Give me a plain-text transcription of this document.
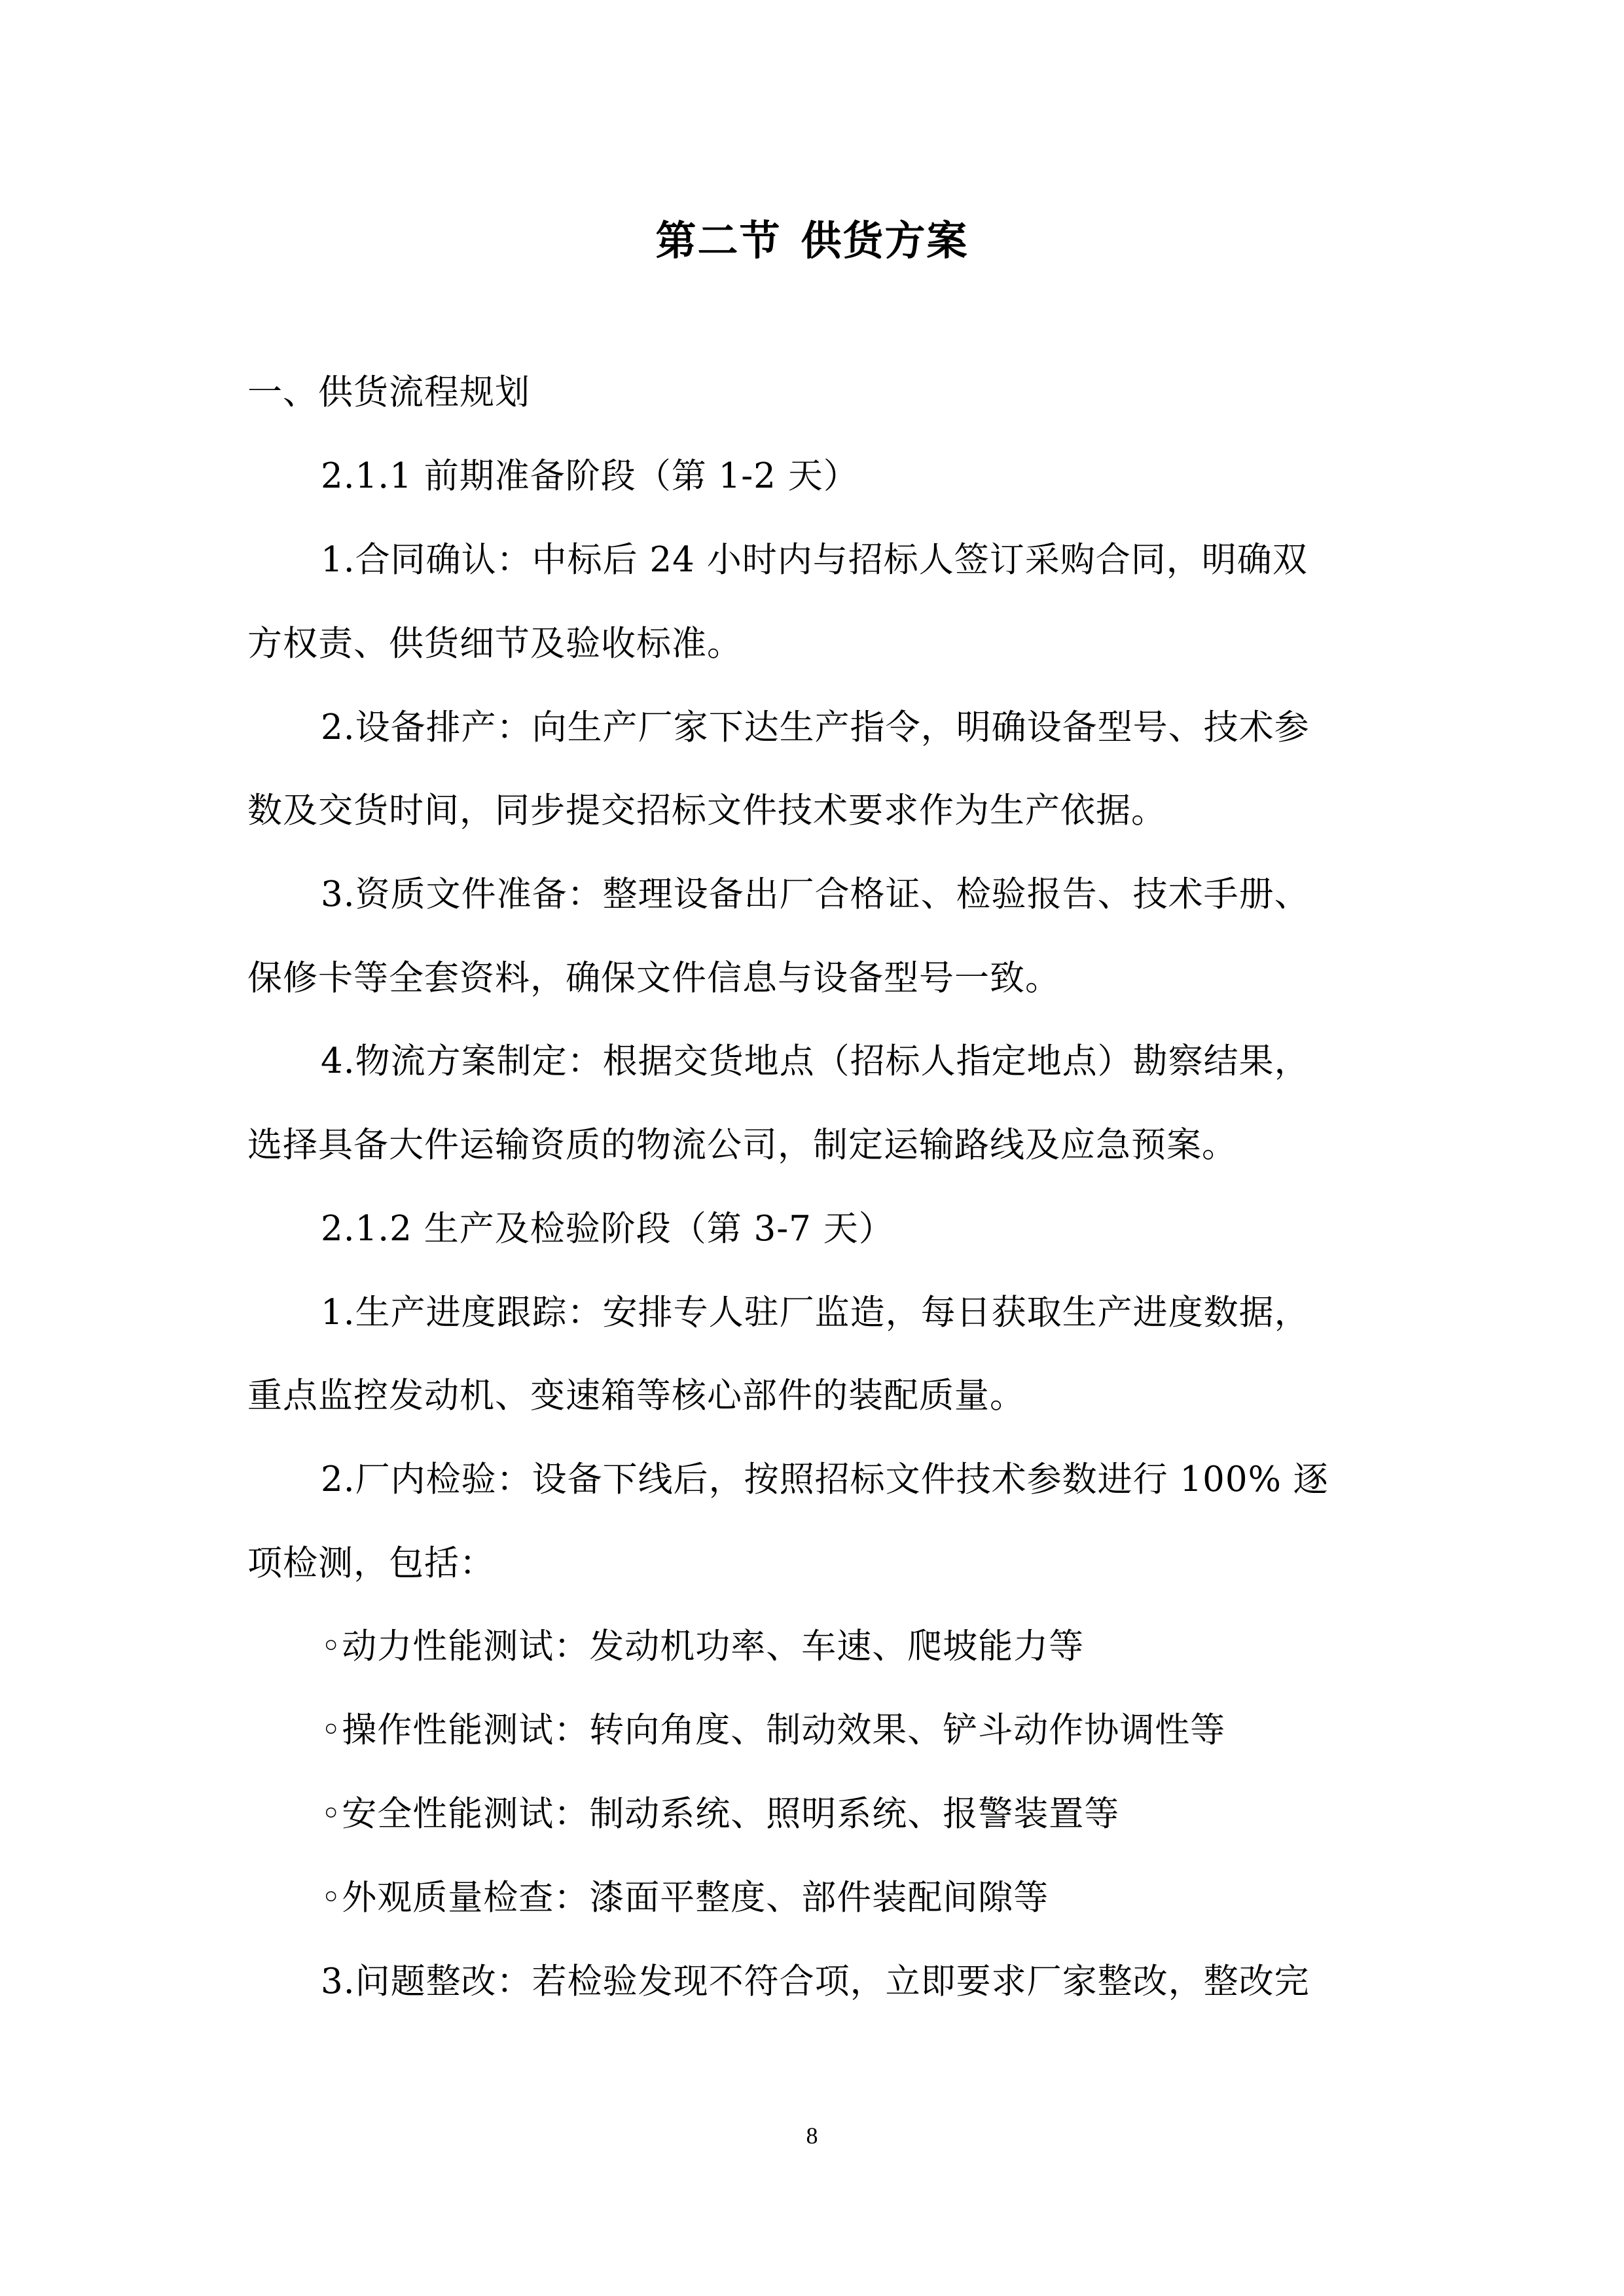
第二节 供货方案
一、供货流程规划
2.1.1 前期准备阶段（第 1-2 天）
1.合同确认：中标后 24 小时内与招标人签订采购合同，明确双
方权责、供货细节及验收标准。
2.设备排产：向生产厂家下达生产指令，明确设备型号、技术参
数及交货时间，同步提交招标文件技术要求作为生产依据。
3.资质文件准备：整理设备出厂合格证、检验报告、技术手册、
保修卡等全套资料，确保文件信息与设备型号一致。
4.物流方案制定：根据交货地点（招标人指定地点）勘察结果，
选择具备大件运输资质的物流公司，制定运输路线及应急预案。
2.1.2 生产及检验阶段（第 3-7 天）
1.生产进度跟踪：安排专人驻厂监造，每日获取生产进度数据，
重点监控发动机、变速箱等核心部件的装配质量。
2.厂内检验：设备下线后，按照招标文件技术参数进行 100% 逐
项检测，包括：
◦动力性能测试：发动机功率、车速、爬坡能力等
◦操作性能测试：转向角度、制动效果、铲斗动作协调性等
◦安全性能测试：制动系统、照明系统、报警装置等
◦外观质量检查：漆面平整度、部件装配间隙等
3.问题整改：若检验发现不符合项，立即要求厂家整改，整改完
8
